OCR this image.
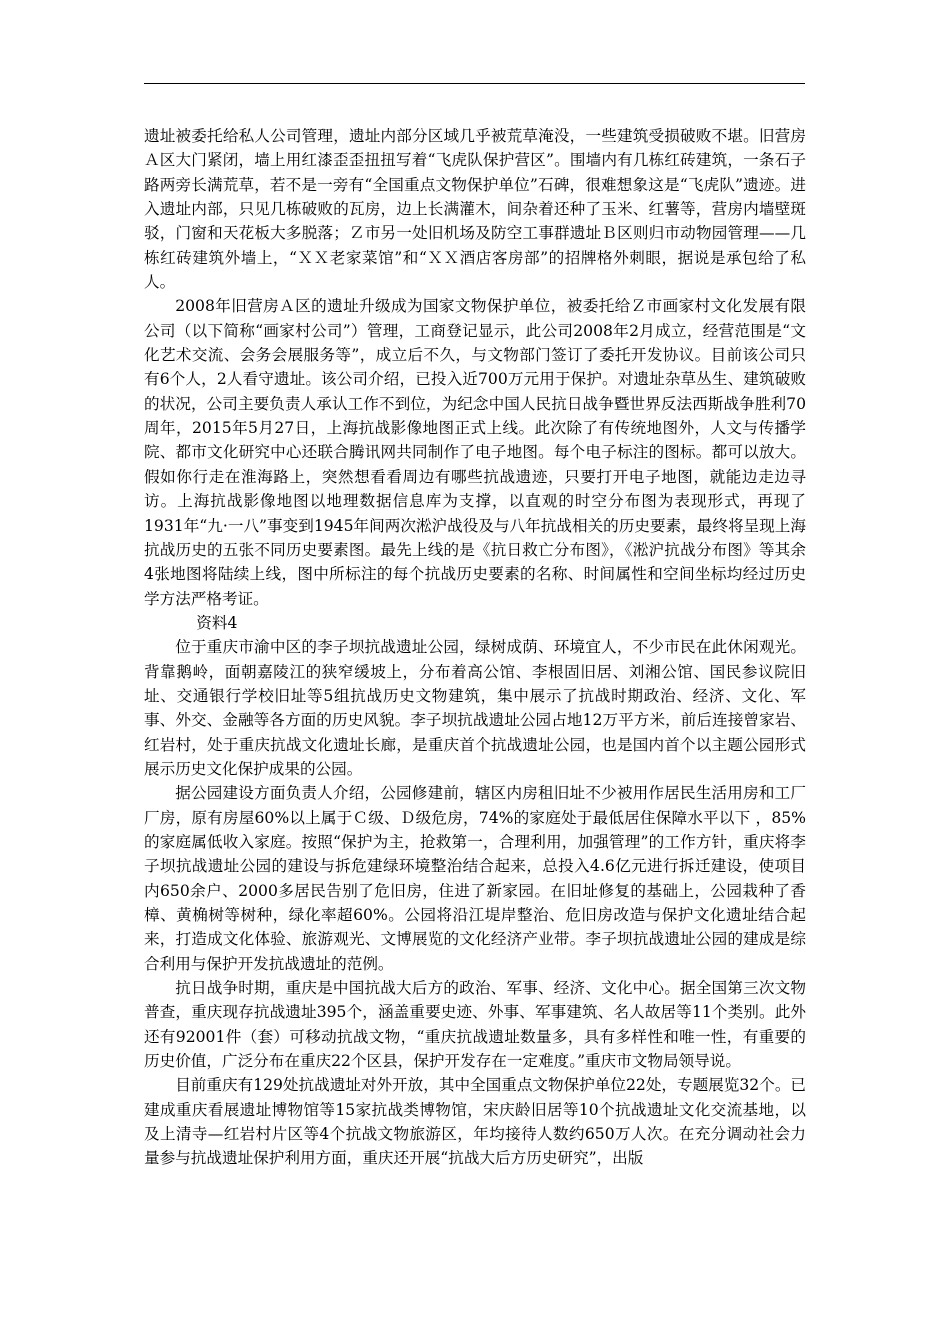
遗址被委托给私人公司管理，遗址内部分区域几乎被荒草淹没，一些建筑受损破败不堪。旧营房Ａ区大门紧闭，墙上用红漆歪歪扭扭写着“飞虎队保护营区”。围墙内有几栋红砖建筑，一条石子路两旁长满荒草，若不是一旁有“全国重点文物保护单位”石碑，很难想象这是“飞虎队”遗迹。进入遗址内部，只见几栋破败的瓦房，边上长满灌木，间杂着还种了玉米、红薯等，营房内墙壁斑驳，门窗和天花板大多脱落；Ｚ市另一处旧机场及防空工事群遗址Ｂ区则归市动物园管理——几栋红砖建筑外墙上，“ＸＸ老家菜馆”和“ＸＸ酒店客房部”的招牌格外刺眼，据说是承包给了私人。

2008年旧营房Ａ区的遗址升级成为国家文物保护单位，被委托给Ｚ市画家村文化发展有限公司（以下简称“画家村公司”）管理，工商登记显示，此公司2008年2月成立，经营范围是“文化艺术交流、会务会展服务等”，成立后不久，与文物部门签订了委托开发协议。目前该公司只有6个人，2人看守遗址。该公司介绍，已投入近700万元用于保护。对遗址杂草丛生、建筑破败的状况，公司主要负责人承认工作不到位，为纪念中国人民抗日战争暨世界反法西斯战争胜利70周年，2015年5月27日，上海抗战影像地图正式上线。此次除了有传统地图外，人文与传播学院、都市文化研究中心还联合腾讯网共同制作了电子地图。每个电子标注的图标。都可以放大。假如你行走在淮海路上，突然想看看周边有哪些抗战遗迹，只要打开电子地图，就能边走边寻访。上海抗战影像地图以地理数据信息库为支撑，以直观的时空分布图为表现形式，再现了1931年“九·一八”事变到1945年间两次淞沪战役及与八年抗战相关的历史要素，最终将呈现上海抗战历史的五张不同历史要素图。最先上线的是《抗日救亡分布图》，《淞沪抗战分布图》等其余4张地图将陆续上线，图中所标注的每个抗战历史要素的名称、时间属性和空间坐标均经过历史学方法严格考证。

资料4

位于重庆市渝中区的李子坝抗战遗址公园，绿树成荫、环境宜人，不少市民在此休闲观光。背靠鹅岭，面朝嘉陵江的狭窄缓坡上，分布着高公馆、李根固旧居、刘湘公馆、国民参议院旧址、交通银行学校旧址等5组抗战历史文物建筑，集中展示了抗战时期政治、经济、文化、军事、外交、金融等各方面的历史风貌。李子坝抗战遗址公园占地12万平方米，前后连接曾家岩、红岩村，处于重庆抗战文化遗址长廊，是重庆首个抗战遗址公园，也是国内首个以主题公园形式展示历史文化保护成果的公园。

据公园建设方面负责人介绍，公园修建前，辖区内房租旧址不少被用作居民生活用房和工厂厂房，原有房屋60%以上属于Ｃ级、Ｄ级危房，74%的家庭处于最低居住保障水平以下 ，85%的家庭属低收入家庭。按照“保护为主，抢救第一，合理利用，加强管理”的工作方针，重庆将李子坝抗战遗址公园的建设与拆危建绿环境整治结合起来，总投入4.6亿元进行拆迁建设，使项目内650余户、2000多居民告别了危旧房，住进了新家园。在旧址修复的基础上，公园栽种了香樟、黄桷树等树种，绿化率超60%。公园将沿江堤岸整治、危旧房改造与保护文化遗址结合起来，打造成文化体验、旅游观光、文博展览的文化经济产业带。李子坝抗战遗址公园的建成是综合利用与保护开发抗战遗址的范例。

抗日战争时期，重庆是中国抗战大后方的政治、军事、经济、文化中心。据全国第三次文物普查，重庆现存抗战遗址395个，涵盖重要史迹、外事、军事建筑、名人故居等11个类别。此外还有92001件（套）可移动抗战文物，“重庆抗战遗址数量多，具有多样性和唯一性，有重要的历史价值，广泛分布在重庆22个区县，保护开发存在一定难度。”重庆市文物局领导说。

目前重庆有129处抗战遗址对外开放，其中全国重点文物保护单位22处，专题展览32个。已建成重庆看展遗址博物馆等15家抗战类博物馆，宋庆龄旧居等10个抗战遗址文化交流基地，以及上清寺—红岩村片区等4个抗战文物旅游区，年均接待人数约650万人次。在充分调动社会力量参与抗战遗址保护利用方面，重庆还开展“抗战大后方历史研究”，出版
